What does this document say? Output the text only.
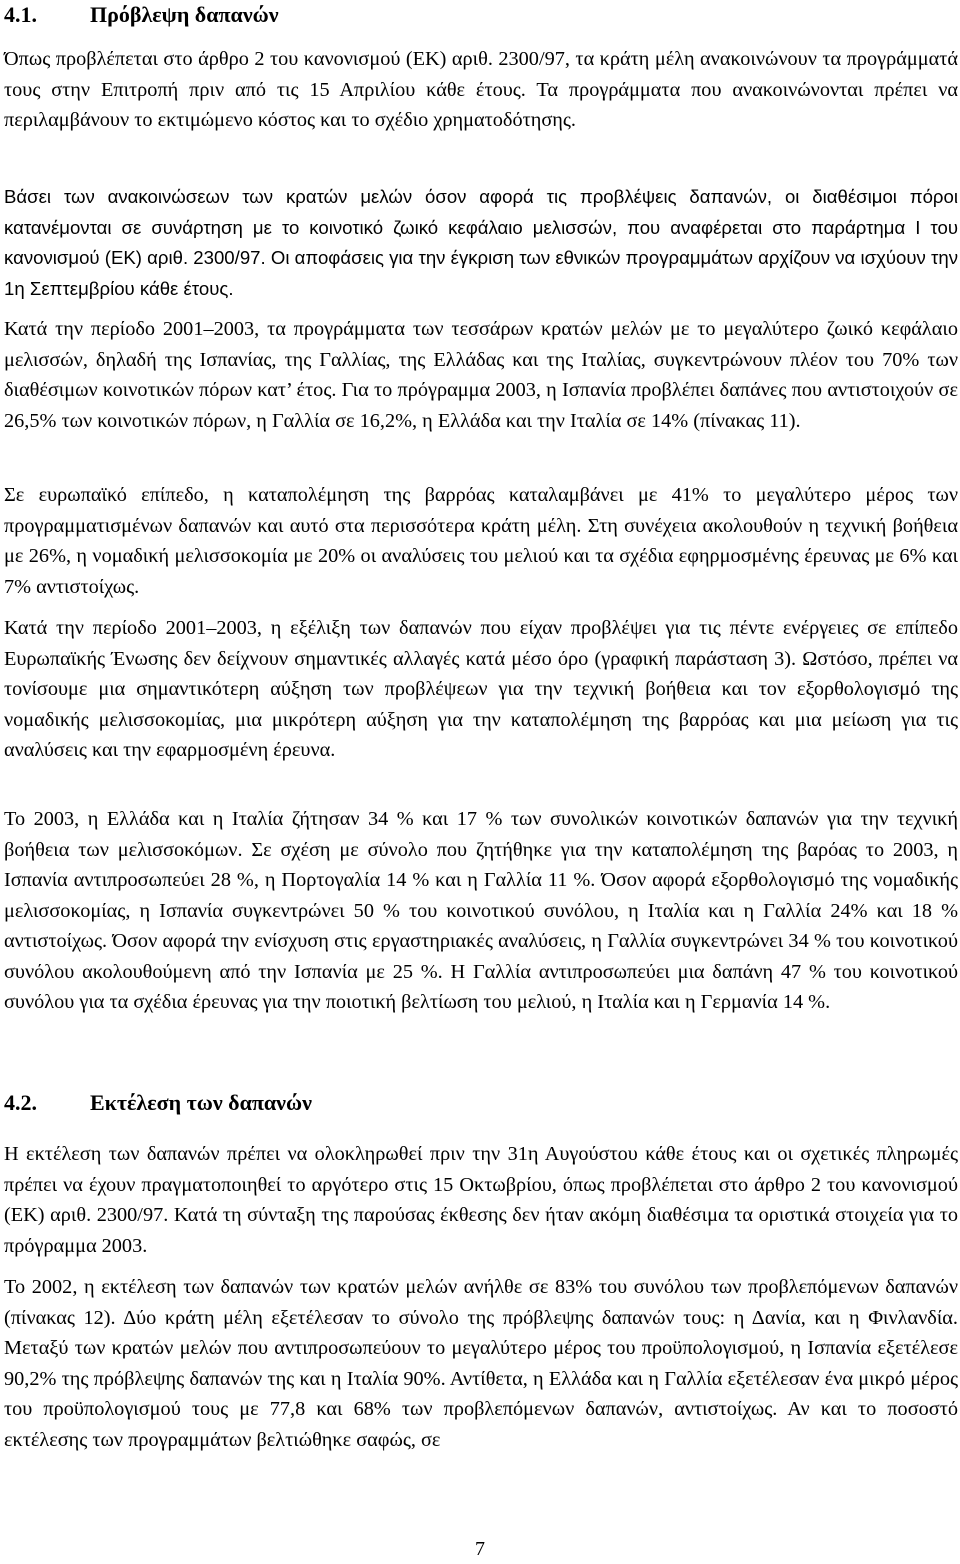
4.1.	Πρόβλεψη δαπανών

Όπως προβλέπεται στο άρθρο 2 του κανονισμού (ΕΚ) αριθ. 2300/97, τα κράτη μέλη ανακοινώνουν τα προγράμματά τους στην Επιτροπή πριν από τις 15 Απριλίου κάθε έτους. Τα προγράμματα που ανακοινώνονται πρέπει να περιλαμβάνουν το εκτιμώμενο κόστος και το σχέδιο χρηματοδότησης.

Βάσει των ανακοινώσεων των κρατών μελών όσον αφορά τις προβλέψεις δαπανών, οι διαθέσιμοι πόροι κατανέμονται σε συνάρτηση με το κοινοτικό ζωικό κεφάλαιο μελισσών, που αναφέρεται στο παράρτημα Ι του κανονισμού (ΕΚ) αριθ. 2300/97. Οι αποφάσεις για την έγκριση των εθνικών προγραμμάτων αρχίζουν να ισχύουν την 1η Σεπτεμβρίου κάθε έτους.

Κατά την περίοδο 2001–2003, τα προγράμματα των τεσσάρων κρατών μελών με το μεγαλύτερο ζωικό κεφάλαιο μελισσών, δηλαδή της Ισπανίας, της Γαλλίας, της Ελλάδας και της Ιταλίας, συγκεντρώνουν πλέον του 70% των διαθέσιμων κοινοτικών πόρων κατ’ έτος. Για το πρόγραμμα 2003, η Ισπανία προβλέπει δαπάνες που αντιστοιχούν σε 26,5% των κοινοτικών πόρων, η Γαλλία σε 16,2%, η Ελλάδα και την Ιταλία σε 14% (πίνακας 11).

Σε ευρωπαϊκό επίπεδο, η καταπολέμηση της βαρρόας καταλαμβάνει με 41% το μεγαλύτερο μέρος των προγραμματισμένων δαπανών και αυτό στα περισσότερα κράτη μέλη. Στη συνέχεια ακολουθούν η τεχνική βοήθεια με 26%, η νομαδική μελισσοκομία με 20% οι αναλύσεις του μελιού και τα σχέδια εφηρμοσμένης έρευνας με 6% και 7% αντιστοίχως.

Κατά την περίοδο 2001–2003, η εξέλιξη των δαπανών που είχαν προβλέψει για τις πέντε ενέργειες σε επίπεδο Ευρωπαϊκής Ένωσης δεν δείχνουν σημαντικές αλλαγές κατά μέσο όρο (γραφική παράσταση 3). Ωστόσο, πρέπει να τονίσουμε μια σημαντικότερη αύξηση των προβλέψεων για την τεχνική βοήθεια και τον εξορθολογισμό της νομαδικής μελισσοκομίας, μια μικρότερη αύξηση για την καταπολέμηση της βαρρόας και μια μείωση για τις αναλύσεις και την εφαρμοσμένη έρευνα.

Το 2003, η Ελλάδα και η Ιταλία ζήτησαν 34 % και 17 % των συνολικών κοινοτικών δαπανών για την τεχνική βοήθεια των μελισσοκόμων. Σε σχέση με σύνολο που ζητήθηκε για την καταπολέμηση της βαρόας το 2003, η Ισπανία αντιπροσωπεύει 28 %, η Πορτογαλία 14 % και η Γαλλία 11 %. Όσον αφορά εξορθολογισμό της νομαδικής μελισσοκομίας, η Ισπανία συγκεντρώνει 50 % του κοινοτικού συνόλου, η Ιταλία και η Γαλλία 24% και 18 % αντιστοίχως. Όσον αφορά την ενίσχυση στις εργαστηριακές αναλύσεις, η Γαλλία συγκεντρώνει 34 % του κοινοτικού συνόλου ακολουθούμενη από την Ισπανία με 25 %. Η Γαλλία αντιπροσωπεύει μια δαπάνη 47 % του κοινοτικού συνόλου για τα σχέδια έρευνας για την ποιοτική βελτίωση του μελιού, η Ιταλία και η Γερμανία 14 %.

4.2.	Εκτέλεση των δαπανών

Η εκτέλεση των δαπανών πρέπει να ολοκληρωθεί πριν την 31η Αυγούστου κάθε έτους και οι σχετικές πληρωμές πρέπει να έχουν πραγματοποιηθεί το αργότερο στις 15 Οκτωβρίου, όπως προβλέπεται στο άρθρο 2 του κανονισμού (ΕΚ) αριθ. 2300/97. Κατά τη σύνταξη της παρούσας έκθεσης δεν ήταν ακόμη διαθέσιμα τα οριστικά στοιχεία για το πρόγραμμα 2003.

Το 2002, η εκτέλεση των δαπανών των κρατών μελών ανήλθε σε 83% του συνόλου των προβλεπόμενων δαπανών (πίνακας 12). Δύο κράτη μέλη εξετέλεσαν το σύνολο της πρόβλεψης δαπανών τους: η Δανία, και η Φινλανδία. Μεταξύ των κρατών μελών που αντιπροσωπεύουν το μεγαλύτερο μέρος του προϋπολογισμού, η Ισπανία εξετέλεσε 90,2% της πρόβλεψης δαπανών της και η Ιταλία 90%. Αντίθετα, η Ελλάδα και η Γαλλία εξετέλεσαν ένα μικρό μέρος του προϋπολογισμού τους με 77,8 και 68% των προβλεπόμενων δαπανών, αντιστοίχως. Αν και το ποσοστό εκτέλεσης των προγραμμάτων βελτιώθηκε σαφώς, σε

7
